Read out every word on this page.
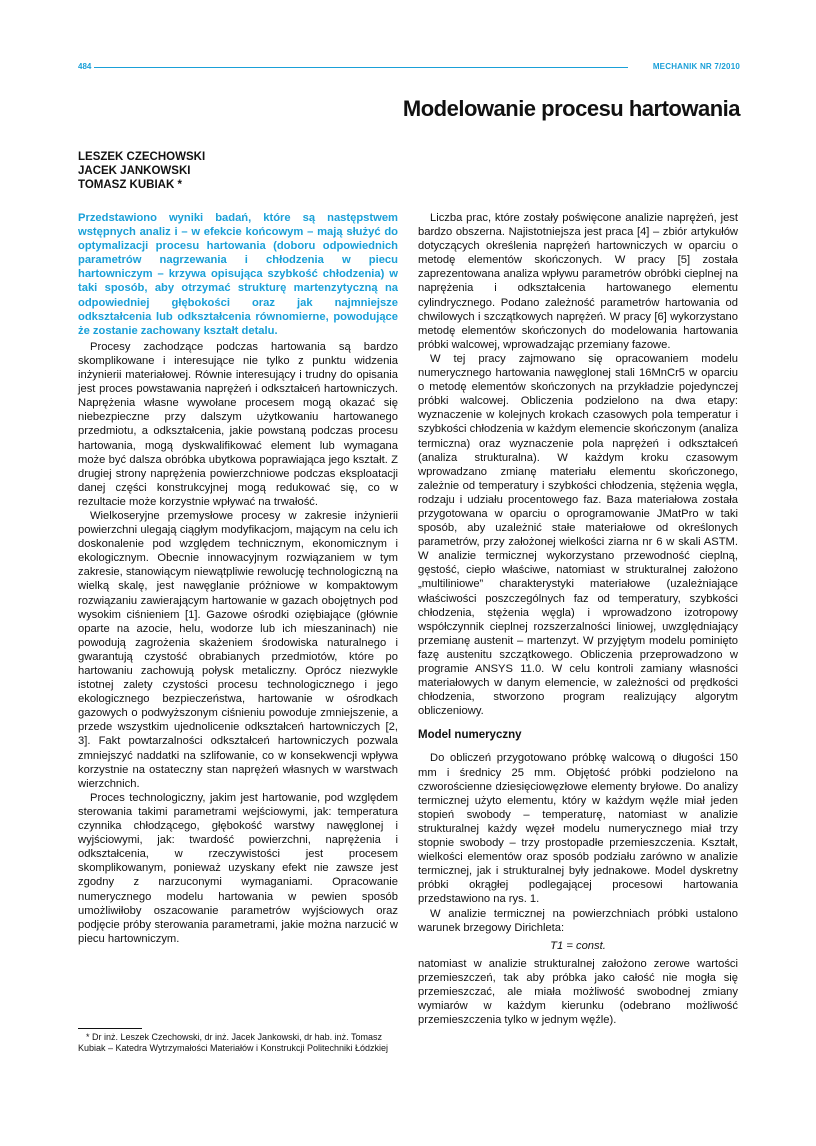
484	MECHANIK NR 7/2010
Modelowanie procesu hartowania
LESZEK CZECHOWSKI
JACEK JANKOWSKI
TOMASZ KUBIAK *

Przedstawiono wyniki badań, które są następstwem wstępnych analiz i – w efekcie końcowym – mają służyć do optymalizacji procesu hartowania (doboru odpowiednich parametrów nagrzewania i chłodzenia w piecu hartowniczym – krzywa opisująca szybkość chłodzenia) w taki sposób, aby otrzymać strukturę martenzytyczną na odpowiedniej głębokości oraz jak najmniejsze odkształcenia lub odkształcenia równomierne, powodujące że zostanie zachowany kształt detalu.

Procesy zachodzące podczas hartowania są bardzo skomplikowane i interesujące nie tylko z punktu widzenia inżynierii materiałowej. Równie interesujący i trudny do opisania jest proces powstawania naprężeń i odkształceń hartowniczych. Naprężenia własne wywołane procesem mogą okazać się niebezpieczne przy dalszym użytkowaniu hartowanego przedmiotu, a odkształcenia, jakie powstaną podczas procesu hartowania, mogą dyskwalifikować element lub wymagana może być dalsza obróbka ubytkowa poprawiająca jego kształt. Z drugiej strony naprężenia powierzchniowe podczas eksploatacji danej części konstrukcyjnej mogą redukować się, co w rezultacie może korzystnie wpływać na trwałość.

Wielkoseryjne przemysłowe procesy w zakresie inżynierii powierzchni ulegają ciągłym modyfikacjom, mającym na celu ich doskonalenie pod względem technicznym, ekonomicznym i ekologicznym. Obecnie innowacyjnym rozwiązaniem w tym zakresie, stanowiącym niewątpliwie rewolucję technologiczną na wielką skalę, jest nawęglanie próżniowe w kompaktowym rozwiązaniu zawierającym hartowanie w gazach obojętnych pod wysokim ciśnieniem [1]. Gazowe ośrodki oziębiające (głównie oparte na azocie, helu, wodorze lub ich mieszaninach) nie powodują zagrożenia skażeniem środowiska naturalnego i gwarantują czystość obrabianych przedmiotów, które po hartowaniu zachowują połysk metaliczny. Oprócz niezwykle istotnej zalety czystości procesu technologicznego i jego ekologicznego bezpieczeństwa, hartowanie w ośrodkach gazowych o podwyższonym ciśnieniu powoduje zmniejszenie, a przede wszystkim ujednolicenie odkształceń hartowniczych [2, 3]. Fakt powtarzalności odkształceń hartowniczych pozwala zmniejszyć naddatki na szlifowanie, co w konsekwencji wpływa korzystnie na ostateczny stan naprężeń własnych w warstwach wierzchnich.

Proces technologiczny, jakim jest hartowanie, pod względem sterowania takimi parametrami wejściowymi, jak: temperatura czynnika chłodzącego, głębokość warstwy nawęglonej i wyjściowymi, jak: twardość powierzchni, naprężenia i odkształcenia, w rzeczywistości jest procesem skomplikowanym, ponieważ uzyskany efekt nie zawsze jest zgodny z narzuconymi wymaganiami. Opracowanie numerycznego modelu hartowania w pewien sposób umożliwiłoby oszacowanie parametrów wyjściowych oraz podjęcie próby sterowania parametrami, jakie można narzucić w piecu hartowniczym.

* Dr inż. Leszek Czechowski, dr inż. Jacek Jankowski, dr hab. inż. Tomasz Kubiak – Katedra Wytrzymałości Materiałów i Konstrukcji Politechniki Łódzkiej

Liczba prac, które zostały poświęcone analizie naprężeń, jest bardzo obszerna. Najistotniejsza jest praca [4] – zbiór artykułów dotyczących określenia naprężeń hartowniczych w oparciu o metodę elementów skończonych. W pracy [5] została zaprezentowana analiza wpływu parametrów obróbki cieplnej na naprężenia i odkształcenia hartowanego elementu cylindrycznego. Podano zależność parametrów hartowania od chwilowych i szczątkowych naprężeń. W pracy [6] wykorzystano metodę elementów skończonych do modelowania hartowania próbki walcowej, wprowadzając przemiany fazowe.

W tej pracy zajmowano się opracowaniem modelu numerycznego hartowania nawęglonej stali 16MnCr5 w oparciu o metodę elementów skończonych na przykładzie pojedynczej próbki walcowej. Obliczenia podzielono na dwa etapy: wyznaczenie w kolejnych krokach czasowych pola temperatur i szybkości chłodzenia w każdym elemencie skończonym (analiza termiczna) oraz wyznaczenie pola naprężeń i odkształceń (analiza strukturalna). W każdym kroku czasowym wprowadzano zmianę materiału elementu skończonego, zależnie od temperatury i szybkości chłodzenia, stężenia węgla, rodzaju i udziału procentowego faz. Baza materiałowa została przygotowana w oparciu o oprogramowanie JMatPro w taki sposób, aby uzależnić stałe materiałowe od określonych parametrów, przy założonej wielkości ziarna nr 6 w skali ASTM. W analizie termicznej wykorzystano przewodność cieplną, gęstość, ciepło właściwe, natomiast w strukturalnej założono „multiliniowe” charakterystyki materiałowe (uzależniające właściwości poszczególnych faz od temperatury, szybkości chłodzenia, stężenia węgla) i wprowadzono izotropowy współczynnik cieplnej rozszerzalności liniowej, uwzględniający przemianę austenit – martenzyt. W przyjętym modelu pominięto fazę austenitu szczątkowego. Obliczenia przeprowadzono w programie ANSYS 11.0. W celu kontroli zamiany własności materiałowych w danym elemencie, w zależności od prędkości chłodzenia, stworzono program realizujący algorytm obliczeniowy.

Model numeryczny

Do obliczeń przygotowano próbkę walcową o długości 150 mm i średnicy 25 mm. Objętość próbki podzielono na czworościenne dziesięciowęzłowe elementy bryłowe. Do analizy termicznej użyto elementu, który w każdym węźle miał jeden stopień swobody – temperaturę, natomiast w analizie strukturalnej każdy węzeł modelu numerycznego miał trzy stopnie swobody – trzy prostopadłe przemieszczenia. Kształt, wielkości elementów oraz sposób podziału zarówno w analizie termicznej, jak i strukturalnej były jednakowe. Model dyskretny próbki okrągłej podlegającej procesowi hartowania przedstawiono na rys. 1.

W analizie termicznej na powierzchniach próbki ustalono warunek brzegowy Dirichleta:

T1 = const.

natomiast w analizie strukturalnej założono zerowe wartości przemieszczeń, tak aby próbka jako całość nie mogła się przemieszczać, ale miała możliwość swobodnej zmiany wymiarów w każdym kierunku (odebrano możliwość przemieszczenia tylko w jednym węźle).
